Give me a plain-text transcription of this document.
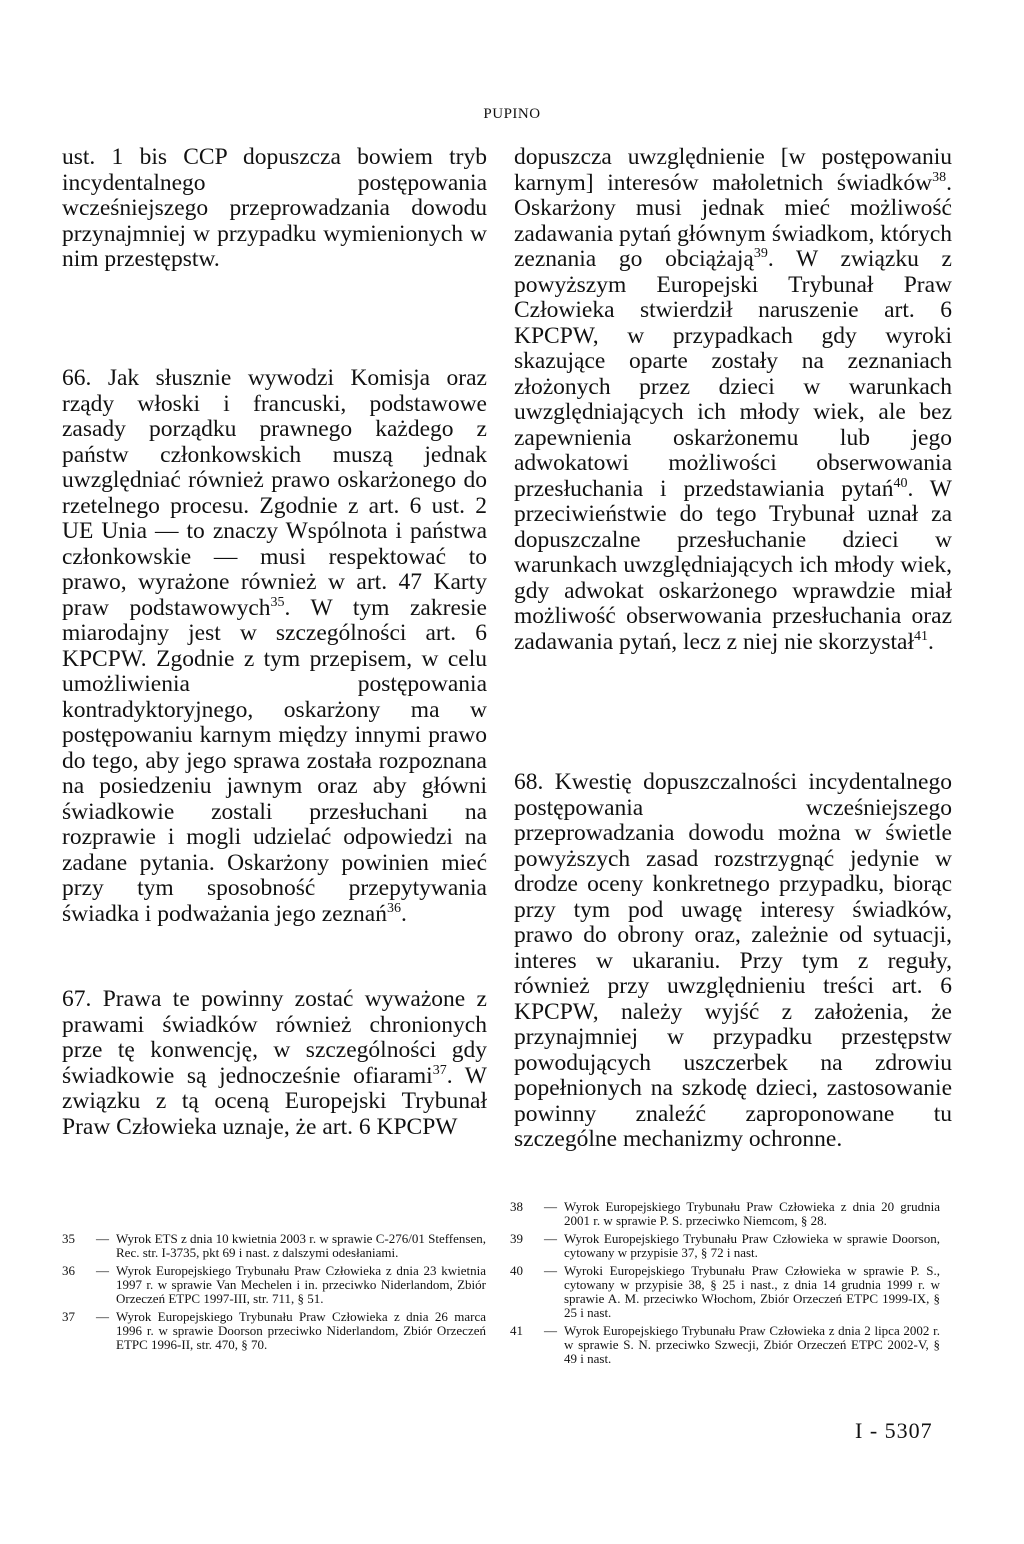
PUPINO

ust. 1 bis CCP dopuszcza bowiem tryb incydentalnego postępowania wcześniejszego przeprowadzania dowodu przynajmniej w przypadku wymienionych w nim przestępstw.

66. Jak słusznie wywodzi Komisja oraz rządy włoski i francuski, podstawowe zasady porządku prawnego każdego z państw członkowskich muszą jednak uwzględniać również prawo oskarżonego do rzetelnego procesu. Zgodnie z art. 6 ust. 2 UE Unia — to znaczy Wspólnota i państwa członkowskie — musi respektować to prawo, wyrażone również w art. 47 Karty praw podstawowych$^{35}$. W tym zakresie miarodajny jest w szczególności art. 6 KPCPW. Zgodnie z tym przepisem, w celu umożliwienia postępowania kontradyktoryjnego, oskarżony ma w postępowaniu karnym między innymi prawo do tego, aby jego sprawa została rozpoznana na posiedzeniu jawnym oraz aby główni świadkowie zostali przesłuchani na rozprawie i mogli udzielać odpowiedzi na zadane pytania. Oskarżony powinien mieć przy tym sposobność przepytywania świadka i podważania jego zeznań$^{36}$.

67. Prawa te powinny zostać wyważone z prawami świadków również chronionych prze tę konwencję, w szczególności gdy świadkowie są jednocześnie ofiarami$^{37}$. W związku z tą oceną Europejski Trybunał Praw Człowieka uznaje, że art. 6 KPCPW

dopuszcza uwzględnienie [w postępowaniu karnym] interesów małoletnich świadków$^{38}$. Oskarżony musi jednak mieć możliwość zadawania pytań głównym świadkom, których zeznania go obciążają$^{39}$. W związku z powyższym Europejski Trybunał Praw Człowieka stwierdził naruszenie art. 6 KPCPW, w przypadkach gdy wyroki skazujące oparte zostały na zeznaniach złożonych przez dzieci w warunkach uwzględniających ich młody wiek, ale bez zapewnienia oskarżonemu lub jego adwokatowi możliwości obserwowania przesłuchania i przedstawiania pytań$^{40}$. W przeciwieństwie do tego Trybunał uznał za dopuszczalne przesłuchanie dzieci w warunkach uwzględniających ich młody wiek, gdy adwokat oskarżonego wprawdzie miał możliwość obserwowania przesłuchania oraz zadawania pytań, lecz z niej nie skorzystał$^{41}$.

68. Kwestię dopuszczalności incydentalnego postępowania wcześniejszego przeprowadzania dowodu można w świetle powyższych zasad rozstrzygnąć jedynie w drodze oceny konkretnego przypadku, biorąc przy tym pod uwagę interesy świadków, prawo do obrony oraz, zależnie od sytuacji, interes w ukaraniu. Przy tym z reguły, również przy uwzględnieniu treści art. 6 KPCPW, należy wyjść z założenia, że przynajmniej w przypadku przestępstw powodujących uszczerbek na zdrowiu popełnionych na szkodę dzieci, zastosowanie powinny znaleźć zaproponowane tu szczególne mechanizmy ochronne.

35	— Wyrok ETS z dnia 10 kwietnia 2003 r. w sprawie C-276/01 Steffensen, Rec. str. I-3735, pkt 69 i nast. z dalszymi odesłaniami.
36	— Wyrok Europejskiego Trybunału Praw Człowieka z dnia 23 kwietnia 1997 r. w sprawie Van Mechelen i in. przeciwko Niderlandom, Zbiór Orzeczeń ETPC 1997-III, str. 711, § 51.
37	— Wyrok Europejskiego Trybunału Praw Człowieka z dnia 26 marca 1996 r. w sprawie Doorson przeciwko Niderlandom, Zbiór Orzeczeń ETPC 1996-II, str. 470, § 70.
38	— Wyrok Europejskiego Trybunału Praw Człowieka z dnia 20 grudnia 2001 r. w sprawie P. S. przeciwko Niemcom, § 28.
39	— Wyrok Europejskiego Trybunału Praw Człowieka w sprawie Doorson, cytowany w przypisie 37, § 72 i nast.
40	— Wyroki Europejskiego Trybunału Praw Człowieka w sprawie P. S., cytowany w przypisie 38, § 25 i nast., z dnia 14 grudnia 1999 r. w sprawie A. M. przeciwko Włochom, Zbiór Orzeczeń ETPC 1999-IX, § 25 i nast.
41	— Wyrok Europejskiego Trybunału Praw Człowieka z dnia 2 lipca 2002 r. w sprawie S. N. przeciwko Szwecji, Zbiór Orzeczeń ETPC 2002-V, § 49 i nast.
I - 5307
